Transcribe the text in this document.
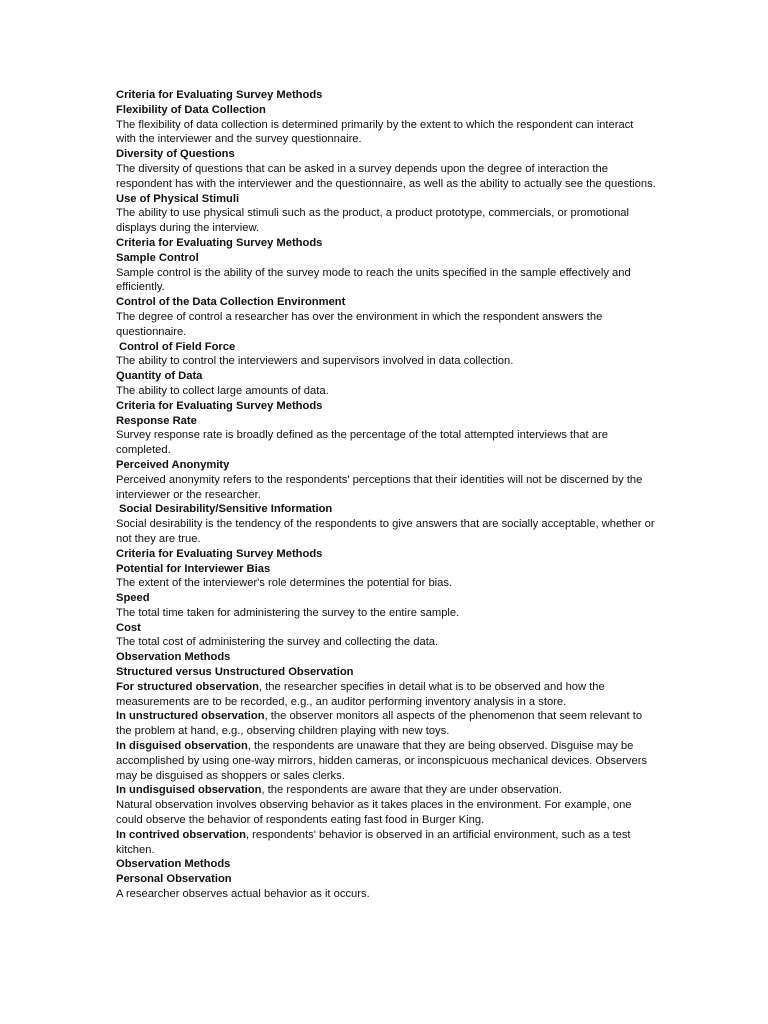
Criteria for Evaluating Survey Methods

Flexibility of Data Collection

The flexibility of data collection is determined primarily by the extent to which the respondent can interact with the interviewer and the survey questionnaire.

Diversity of Questions

The diversity of questions that can be asked in a survey depends upon the degree of interaction the respondent has with the interviewer and the questionnaire, as well as the ability to actually see the questions.

Use of Physical Stimuli

The ability to use physical stimuli such as the product, a product prototype, commercials, or promotional displays during the interview.

Criteria for Evaluating Survey Methods

Sample Control

Sample control is the ability of the survey mode to reach the units specified in the sample effectively and efficiently.

Control of the Data Collection Environment

The degree of control a researcher has over the environment in which the respondent answers the questionnaire.

Control of Field Force

The ability to control the interviewers and supervisors involved in data collection.

Quantity of Data

The ability to collect large amounts of data.

Criteria for Evaluating Survey Methods

Response Rate

Survey response rate is broadly defined as the percentage of the total attempted interviews that are completed.

Perceived Anonymity

Perceived anonymity refers to the respondents' perceptions that their identities will not be discerned by the interviewer or the researcher.

Social Desirability/Sensitive Information

Social desirability is the tendency of the respondents to give answers that are socially acceptable, whether or not they are true.

Criteria for Evaluating Survey Methods

Potential for Interviewer Bias

The extent of the interviewer's role determines the potential for bias.

Speed

The total time taken for administering the survey to the entire sample.

Cost

The total cost of administering the survey and collecting the data.

Observation Methods

Structured versus Unstructured Observation

For structured observation, the researcher specifies in detail what is to be observed and how the measurements are to be recorded, e.g., an auditor performing inventory analysis in a store.

In unstructured observation, the observer monitors all aspects of the phenomenon that seem relevant to the problem at hand, e.g., observing children playing with new toys.

In disguised observation, the respondents are unaware that they are being observed. Disguise may be accomplished by using one-way mirrors, hidden cameras, or inconspicuous mechanical devices. Observers may be disguised as shoppers or sales clerks.

In undisguised observation, the respondents are aware that they are under observation.

Natural observation involves observing behavior as it takes places in the environment. For example, one could observe the behavior of respondents eating fast food in Burger King.

In contrived observation, respondents' behavior is observed in an artificial environment, such as a test kitchen.

Observation Methods

Personal Observation

A researcher observes actual behavior as it occurs.
